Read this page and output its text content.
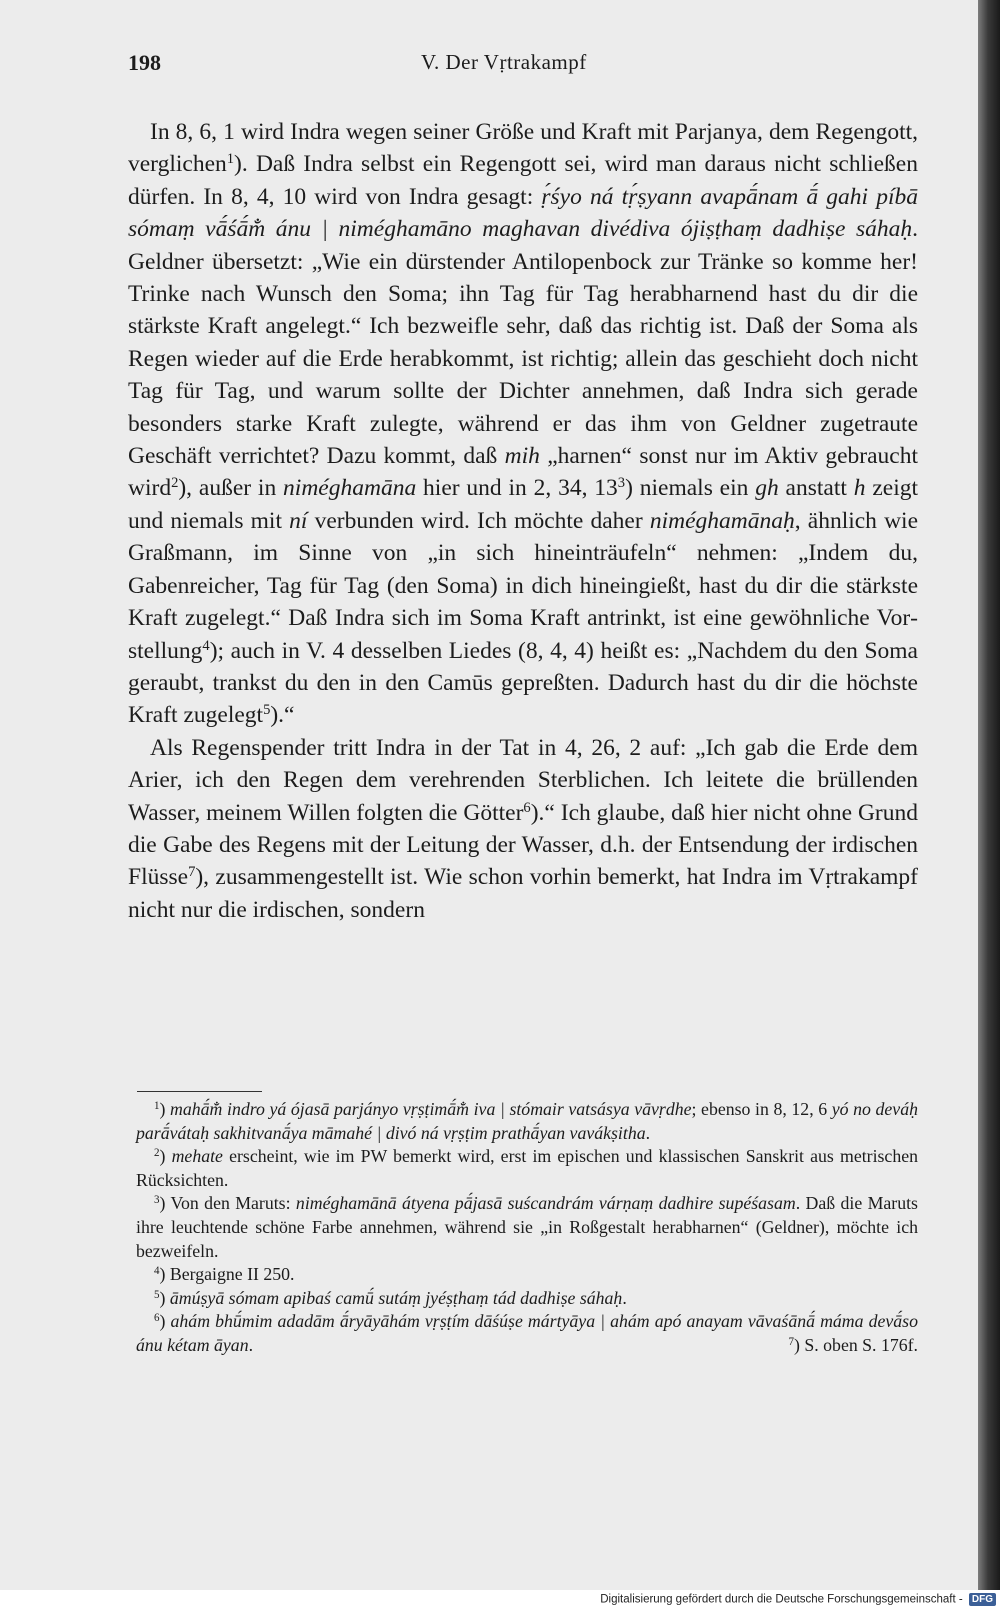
198	V. Der Vṛtrakampf

In 8, 6, 1 wird Indra wegen seiner Größe und Kraft mit Parjanya, dem Regengott, verglichen$^1$). Daß Indra selbst ein Regengott sei, wird man daraus nicht schließen dürfen. In 8, 4, 10 wird von Indra gesagt: ṛ́śyo ná tṛ́ṣyann avapā́nam ā́ gahi píbā sómaṃ vā́śā́m̐ ánu | niméghamāno maghavan divédiva ójiṣṭhaṃ dadhiṣe sáhaḥ. Geldner übersetzt: „Wie ein dürstender Antilopenbock zur Tränke so komme her! Trinke nach Wunsch den Soma; ihn Tag für Tag herabharnend hast du dir die stärkste Kraft angelegt.“ Ich bezweifle sehr, daß das richtig ist. Daß der Soma als Regen wieder auf die Erde herabkommt, ist richtig; allein das geschieht doch nicht Tag für Tag, und warum sollte der Dichter annehmen, daß Indra sich gerade besonders starke Kraft zulegte, während er das ihm von Geldner zugetraute Geschäft verrichtet? Dazu kommt, daß mih „harnen“ sonst nur im Aktiv gebraucht wird$^2$), außer in niméghamāna hier und in 2, 34, $13^3$) niemals ein gh anstatt h zeigt und niemals mit ní verbunden wird. Ich möchte daher niméghamānaḥ, ähnlich wie Graßmann, im Sinne von „in sich hineinträufeln“ nehmen: „Indem du, Gabenreicher, Tag für Tag (den Soma) in dich hineingießt, hast du dir die stärkste Kraft zugelegt.“ Daß Indra sich im Soma Kraft antrinkt, ist eine gewöhnliche Vorstellung$^4$); auch in V. 4 desselben Liedes (8, 4, 4) heißt es: „Nachdem du den Soma geraubt, trankst du den in den Camūs gepreßten. Dadurch hast du dir die höchste Kraft zugelegt$^5$).“

Als Regenspender tritt Indra in der Tat in 4, 26, 2 auf: „Ich gab die Erde dem Arier, ich den Regen dem verehrenden Sterblichen. Ich leitete die brüllenden Wasser, meinem Willen folgten die Götter$^6$).“ Ich glaube, daß hier nicht ohne Grund die Gabe des Regens mit der Leitung der Wasser, d.h. der Entsendung der irdischen Flüsse$^7$), zusammengestellt ist. Wie schon vorhin bemerkt, hat Indra im Vṛtrakampf nicht nur die irdischen, sondern

$^1$) mahā́m̐ indro yá ójasā parjányo vṛṣṭimā́m̐ iva | stómair vatsásya vāvṛdhe; ebenso in 8, 12, 6 yó no deváḥ parā́vátaḥ sakhitvanā́ya māmahé | divó ná vṛṣṭim prathā́yan vavákṣitha.

$^2$) mehate erscheint, wie im PW bemerkt wird, erst im epischen und klassischen Sanskrit aus metrischen Rücksichten.

$^3$) Von den Maruts: niméghamānā átyena pā́jasā suścandrám várṇaṃ dadhire supéśasam. Daß die Maruts ihre leuchtende schöne Farbe annehmen, während sie „in Roßgestalt herabharnen“ (Geldner), möchte ich bezweifeln.

$^4$) Bergaigne II 250.

$^5$) āmúṣyā sómam apibaś camū́ sutáṃ jyéṣṭhaṃ tád dadhiṣe sáhaḥ.

$^6$) ahám bhū́mim adadām ā́ryāyāhám vṛṣṭím dāśúṣe mártyāya | ahám apó anayam vāvaśānā́ máma devā́so ánu kétam āyan. 	$^7$) S. oben S. 176f.

Digitalisierung gefördert durch die Deutsche Forschungsgemeinschaft - DFG
